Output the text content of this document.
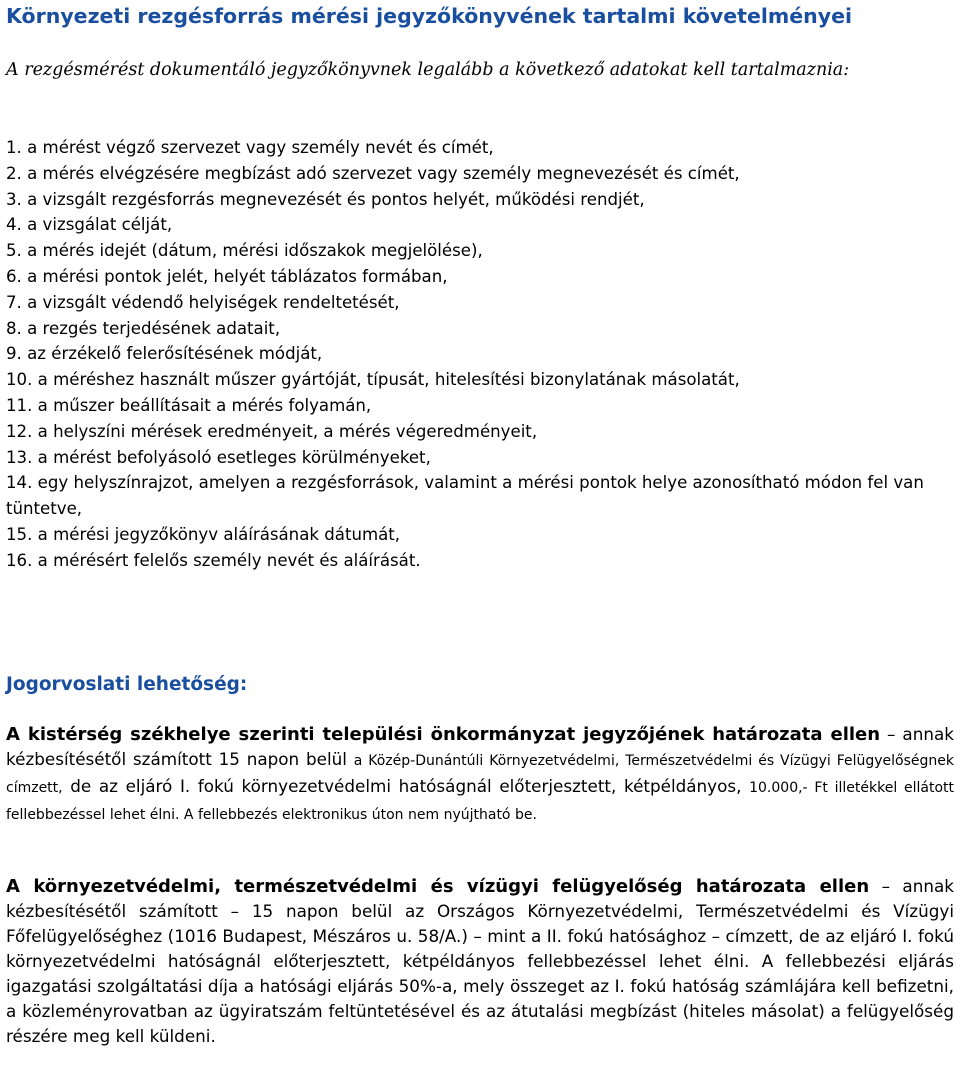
Környezeti rezgésforrás mérési jegyzőkönyvének tartalmi követelményei
A rezgésmérést dokumentáló jegyzőkönyvnek legalább a következő adatokat kell tartalmaznia:
1. a mérést végző szervezet vagy személy nevét és címét,
2. a mérés elvégzésére megbízást adó szervezet vagy személy megnevezését és címét,
3. a vizsgált rezgésforrás megnevezését és pontos helyét, működési rendjét,
4. a vizsgálat célját,
5. a mérés idejét (dátum, mérési időszakok megjelölése),
6. a mérési pontok jelét, helyét táblázatos formában,
7. a vizsgált védendő helyiségek rendeltetését,
8. a rezgés terjedésének adatait,
9. az érzékelő felerősítésének módját,
10. a méréshez használt műszer gyártóját, típusát, hitelesítési bizonylatának másolatát,
11. a műszer beállításait a mérés folyamán,
12. a helyszíni mérések eredményeit, a mérés végeredményeit,
13. a mérést befolyásoló esetleges körülményeket,
14. egy helyszínrajzot, amelyen a rezgésforrások, valamint a mérési pontok helye azonosítható módon fel van tüntetve,
15. a mérési jegyzőkönyv aláírásának dátumát,
16. a mérésért felelős személy nevét és aláírását.
Jogorvoslati lehetőség:
A kistérség székhelye szerinti települési önkormányzat jegyzőjének határozata ellen – annak kézbesítésétől számított 15 napon belül a Közép-Dunántúli Környezetvédelmi, Természetvédelmi és Vízügyi Felügyelőségnek címzett, de az eljáró I. fokú környezetvédelmi hatóságnál előterjesztett, kétpéldányos, 10.000,- Ft illetékkel ellátott fellebbezéssel lehet élni. A fellebbezés elektronikus úton nem nyújtható be.
A környezetvédelmi, természetvédelmi és vízügyi felügyelőség határozata ellen – annak kézbesítésétől számított – 15 napon belül az Országos Környezetvédelmi, Természetvédelmi és Vízügyi Főfelügyelőséghez (1016 Budapest, Mészáros u. 58/A.) – mint a II. fokú hatósághoz – címzett, de az eljáró I. fokú környezetvédelmi hatóságnál előterjesztett, kétpéldányos fellebbezéssel lehet élni. A fellebbezési eljárás igazgatási szolgáltatási díja a hatósági eljárás 50%-a, mely összeget az I. fokú hatóság számlájára kell befizetni, a közleményrovatban az ügyiratszám feltüntetésével és az átutalási megbízást (hiteles másolat) a felügyelőség részére meg kell küldeni.
